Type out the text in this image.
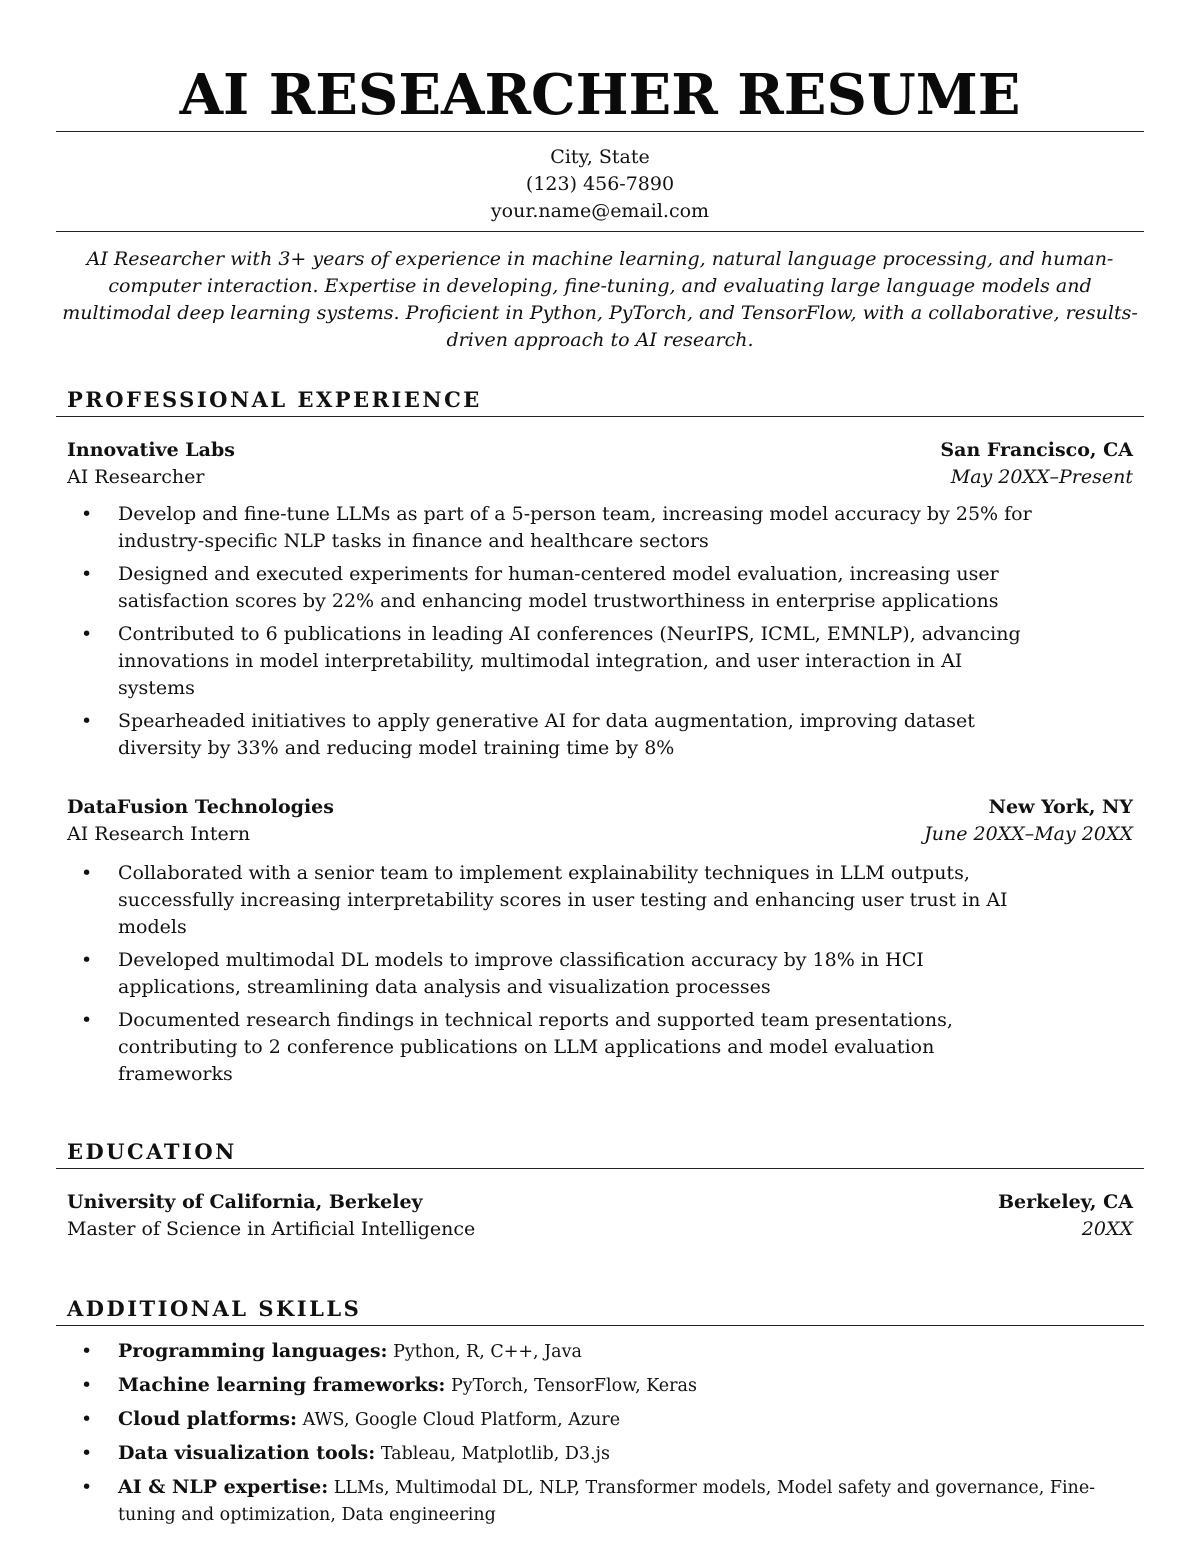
AI RESEARCHER RESUME
City, State
(123) 456-7890
your.name@email.com

AI Researcher with 3+ years of experience in machine learning, natural language processing, and human-computer interaction. Expertise in developing, fine-tuning, and evaluating large language models and multimodal deep learning systems. Proficient in Python, PyTorch, and TensorFlow, with a collaborative, results-driven approach to AI research.

PROFESSIONAL EXPERIENCE
Innovative Labs	San Francisco, CA
AI Researcher	May 20XX–Present
• Develop and fine-tune LLMs as part of a 5-person team, increasing model accuracy by 25% for industry-specific NLP tasks in finance and healthcare sectors
• Designed and executed experiments for human-centered model evaluation, increasing user satisfaction scores by 22% and enhancing model trustworthiness in enterprise applications
• Contributed to 6 publications in leading AI conferences (NeurIPS, ICML, EMNLP), advancing innovations in model interpretability, multimodal integration, and user interaction in AI systems
• Spearheaded initiatives to apply generative AI for data augmentation, improving dataset diversity by 33% and reducing model training time by 8%
DataFusion Technologies	New York, NY
AI Research Intern	June 20XX–May 20XX
• Collaborated with a senior team to implement explainability techniques in LLM outputs, successfully increasing interpretability scores in user testing and enhancing user trust in AI models
• Developed multimodal DL models to improve classification accuracy by 18% in HCI applications, streamlining data analysis and visualization processes
• Documented research findings in technical reports and supported team presentations, contributing to 2 conference publications on LLM applications and model evaluation frameworks
EDUCATION
University of California, Berkeley	Berkeley, CA
Master of Science in Artificial Intelligence	20XX
ADDITIONAL SKILLS
• Programming languages: Python, R, C++, Java
• Machine learning frameworks: PyTorch, TensorFlow, Keras
• Cloud platforms: AWS, Google Cloud Platform, Azure
• Data visualization tools: Tableau, Matplotlib, D3.js
• AI & NLP expertise: LLMs, Multimodal DL, NLP, Transformer models, Model safety and governance, Fine-tuning and optimization, Data engineering
